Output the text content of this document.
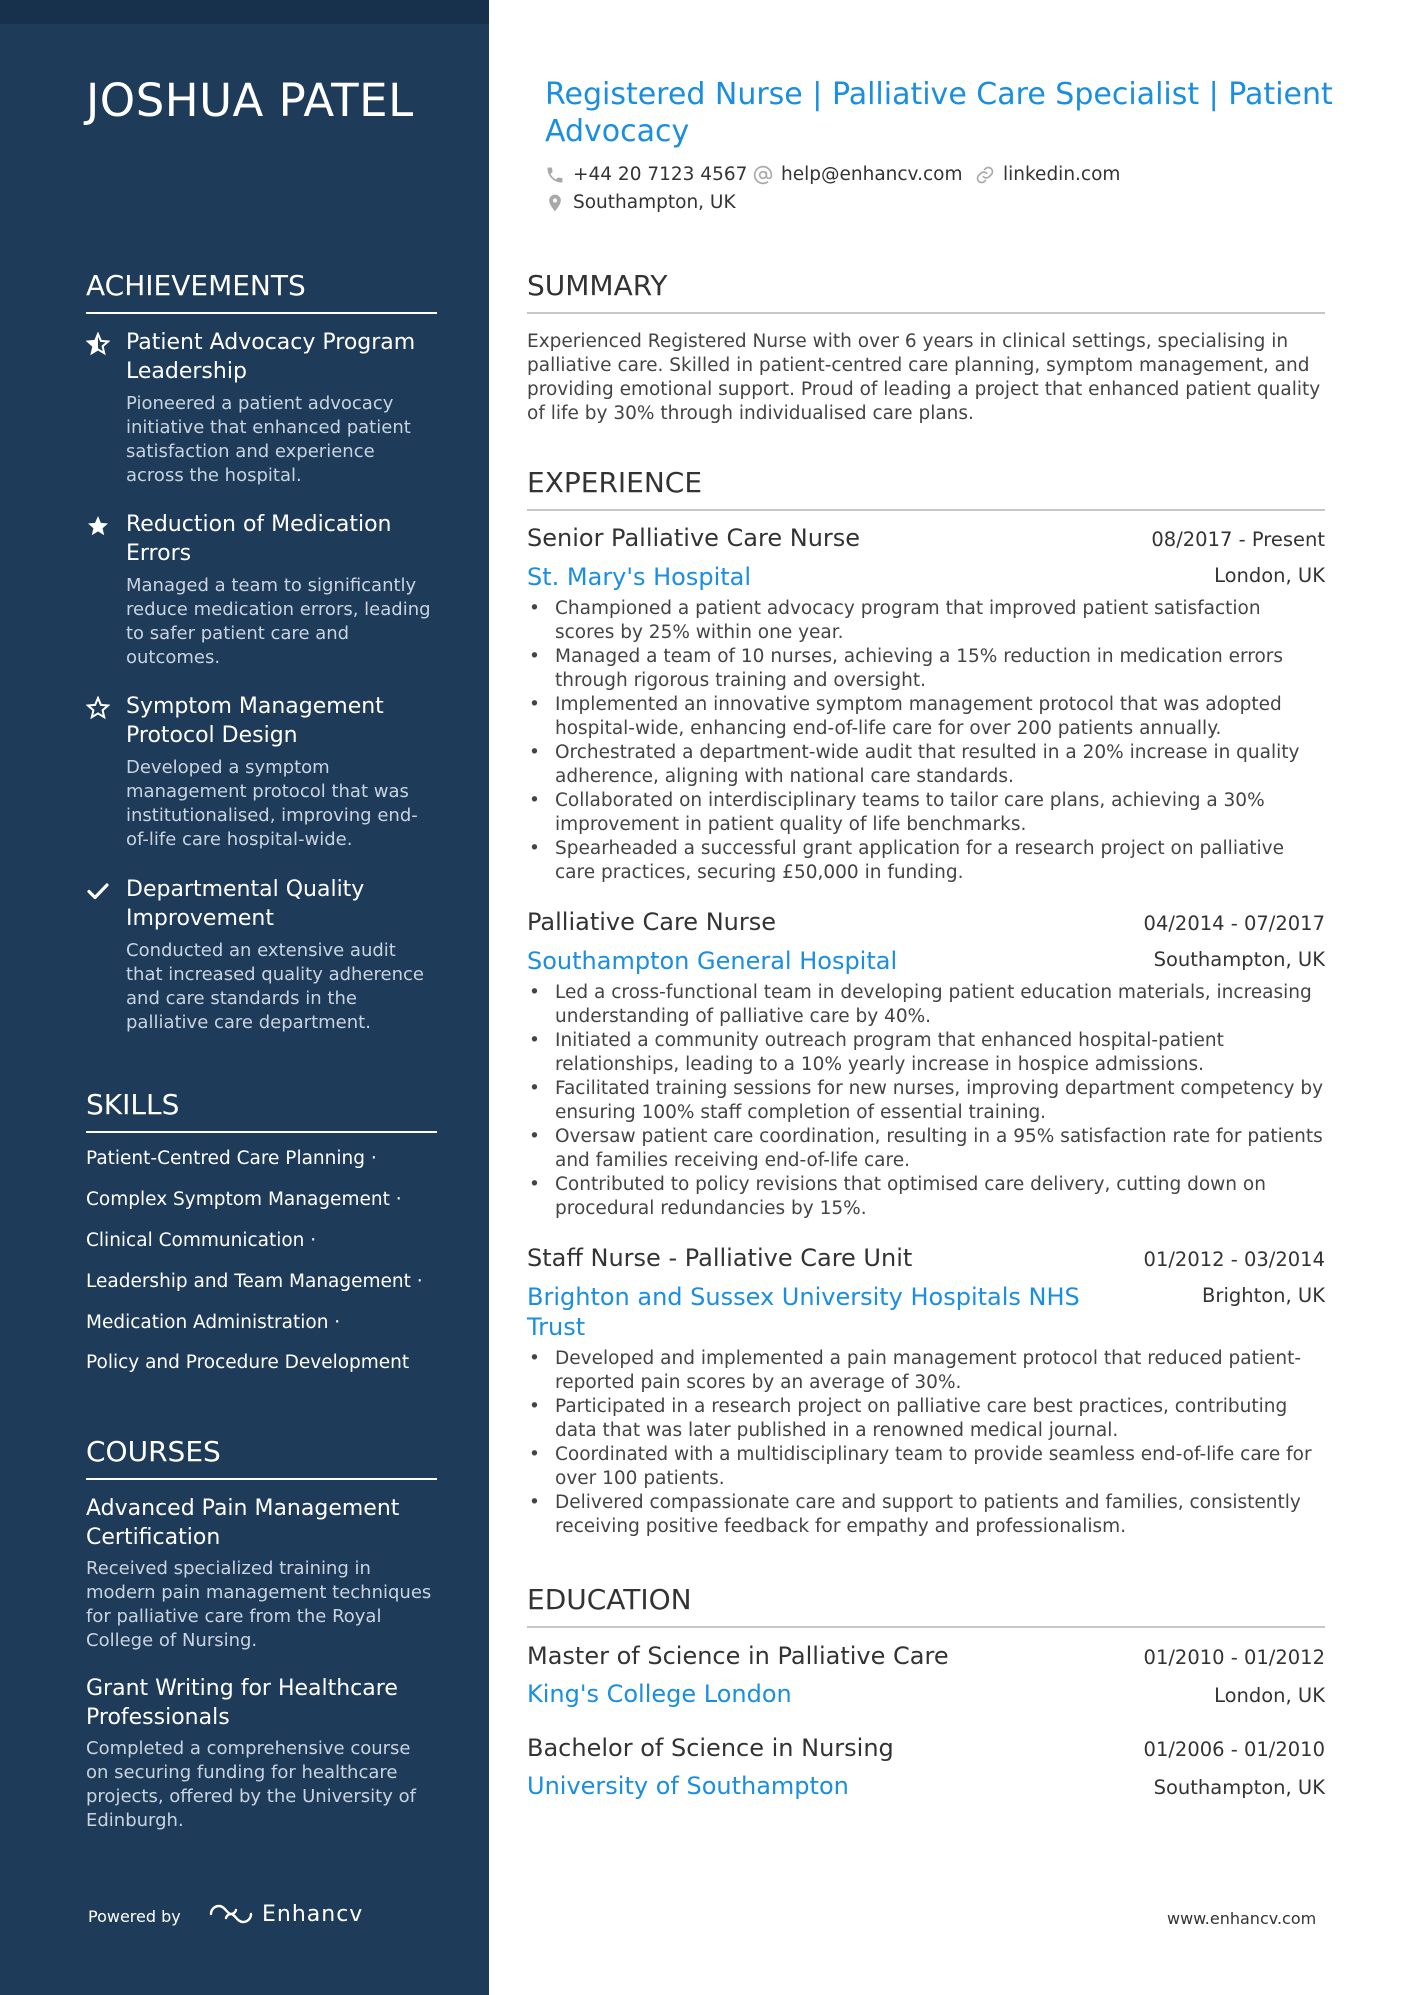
JOSHUA PATEL
ACHIEVEMENTS
Patient Advocacy Program Leadership
Pioneered a patient advocacy initiative that enhanced patient satisfaction and experience across the hospital.
Reduction of Medication Errors
Managed a team to significantly reduce medication errors, leading to safer patient care and outcomes.
Symptom Management Protocol Design
Developed a symptom management protocol that was institutionalised, improving end-of-life care hospital-wide.
Departmental Quality Improvement
Conducted an extensive audit that increased quality adherence and care standards in the palliative care department.
SKILLS
Patient-Centred Care Planning ·
Complex Symptom Management ·
Clinical Communication ·
Leadership and Team Management ·
Medication Administration ·
Policy and Procedure Development
COURSES
Advanced Pain Management Certification
Received specialized training in modern pain management techniques for palliative care from the Royal College of Nursing.
Grant Writing for Healthcare Professionals
Completed a comprehensive course on securing funding for healthcare projects, offered by the University of Edinburgh.
Powered by	Enhancv
Registered Nurse | Palliative Care Specialist | Patient Advocacy
+44 20 7123 4567 help@enhancv.com linkedin.com
Southampton, UK
SUMMARY
Experienced Registered Nurse with over 6 years in clinical settings, specialising in palliative care. Skilled in patient-centred care planning, symptom management, and providing emotional support. Proud of leading a project that enhanced patient quality of life by 30% through individualised care plans.
EXPERIENCE
Senior Palliative Care Nurse	08/2017 - Present
St. Mary's Hospital	London, UK
• Championed a patient advocacy program that improved patient satisfaction scores by 25% within one year.
• Managed a team of 10 nurses, achieving a 15% reduction in medication errors through rigorous training and oversight.
• Implemented an innovative symptom management protocol that was adopted hospital-wide, enhancing end-of-life care for over 200 patients annually.
• Orchestrated a department-wide audit that resulted in a 20% increase in quality adherence, aligning with national care standards.
• Collaborated on interdisciplinary teams to tailor care plans, achieving a 30% improvement in patient quality of life benchmarks.
• Spearheaded a successful grant application for a research project on palliative care practices, securing £50,000 in funding.
Palliative Care Nurse	04/2014 - 07/2017
Southampton General Hospital	Southampton, UK
• Led a cross-functional team in developing patient education materials, increasing understanding of palliative care by 40%.
• Initiated a community outreach program that enhanced hospital-patient relationships, leading to a 10% yearly increase in hospice admissions.
• Facilitated training sessions for new nurses, improving department competency by ensuring 100% staff completion of essential training.
• Oversaw patient care coordination, resulting in a 95% satisfaction rate for patients and families receiving end-of-life care.
• Contributed to policy revisions that optimised care delivery, cutting down on procedural redundancies by 15%.
Staff Nurse - Palliative Care Unit	01/2012 - 03/2014
Brighton and Sussex University Hospitals NHS Trust
Brighton, UK
• Developed and implemented a pain management protocol that reduced patient-reported pain scores by an average of 30%.
• Participated in a research project on palliative care best practices, contributing data that was later published in a renowned medical journal.
• Coordinated with a multidisciplinary team to provide seamless end-of-life care for over 100 patients.
• Delivered compassionate care and support to patients and families, consistently receiving positive feedback for empathy and professionalism.
EDUCATION
Master of Science in Palliative Care	01/2010 - 01/2012
King's College London	London, UK
Bachelor of Science in Nursing	01/2006 - 01/2010
University of Southampton	Southampton, UK
www.enhancv.com
